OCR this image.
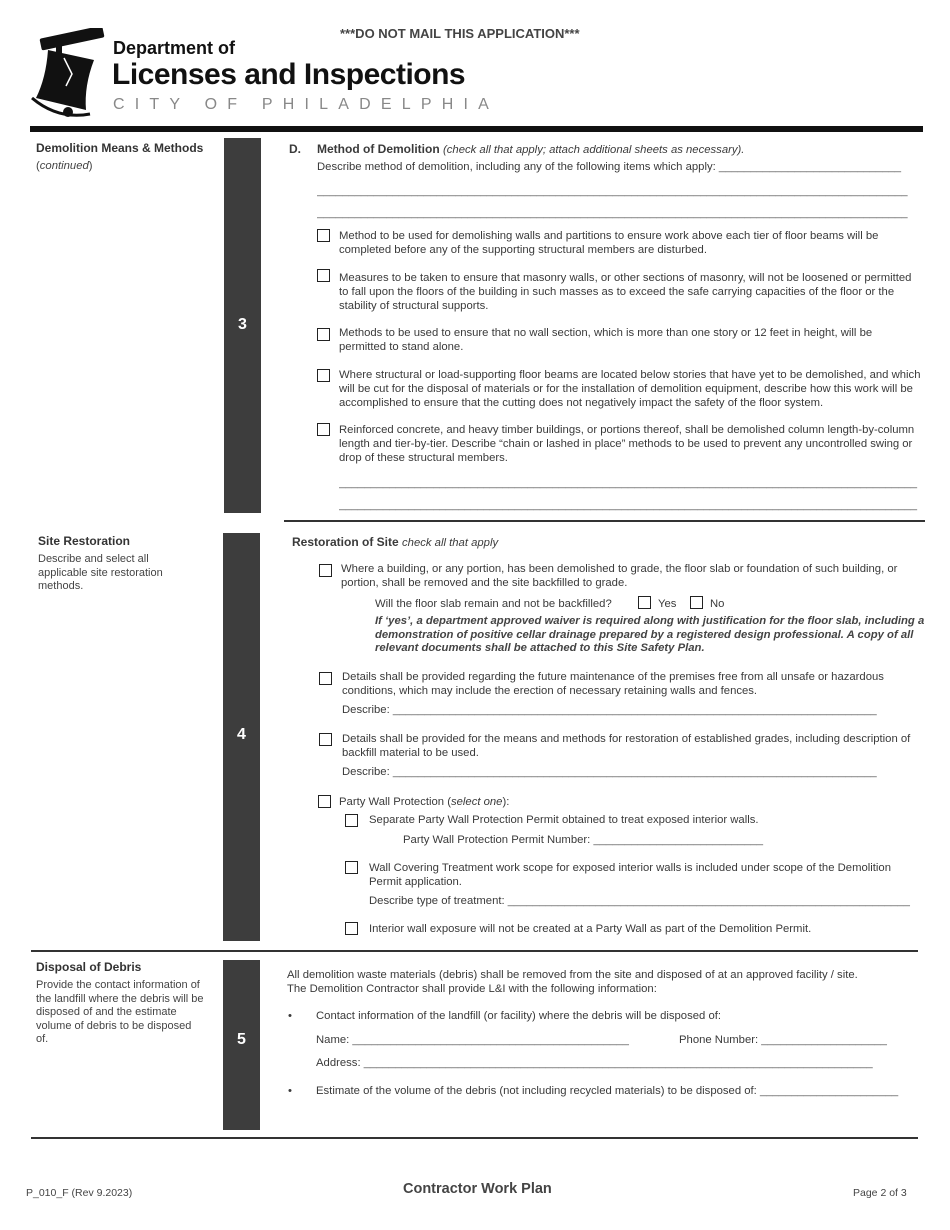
***DO NOT MAIL THIS APPLICATION***
Department of
Licenses and Inspections
CITY OF PHILADELPHIA
Demolition Means & Methods
(continued)
3
D. Method of Demolition (check all that apply; attach additional sheets as necessary).
Describe method of demolition, including any of the following items which apply: _____________________________
______________________________________________________________________________________________
______________________________________________________________________________________________
Method to be used for demolishing walls and partitions to ensure work above each tier of floor beams will be completed before any of the supporting structural members are disturbed.
Measures to be taken to ensure that masonry walls, or other sections of masonry, will not be loosened or permitted to fall upon the floors of the building in such masses as to exceed the safe carrying capacities of the floor or the stability of structural supports.
Methods to be used to ensure that no wall section, which is more than one story or 12 feet in height, will be permitted to stand alone.
Where structural or load-supporting floor beams are located below stories that have yet to be demolished, and which will be cut for the disposal of materials or for the installation of demolition equipment, describe how this work will be accomplished to ensure that the cutting does not negatively impact the safety of the floor system.
Reinforced concrete, and heavy timber buildings, or portions thereof, shall be demolished column length-by-column length and tier-by-tier. Describe “chain or lashed in place” methods to be used to prevent any uncontrolled swing or drop of these structural members.
____________________________________________________________________________________________
____________________________________________________________________________________________
Site Restoration
Describe and select all applicable site restoration methods.
4
Restoration of Site check all that apply
Where a building, or any portion, has been demolished to grade, the floor slab or foundation of such building, or portion, shall be removed and the site backfilled to grade.
Will the floor slab remain and not be backfilled?	Yes	No
If ‘yes’, a department approved waiver is required along with justification for the floor slab, including a demonstration of positive cellar drainage prepared by a registered design professional. A copy of all relevant documents shall be attached to this Site Safety Plan.
Details shall be provided regarding the future maintenance of the premises free from all unsafe or hazardous conditions, which may include the erection of necessary retaining walls and fences.
Describe: _____________________________________________________________________________
Details shall be provided for the means and methods for restoration of established grades, including description of backfill material to be used.
Describe: _____________________________________________________________________________
Party Wall Protection (select one):
Separate Party Wall Protection Permit obtained to treat exposed interior walls.
Party Wall Protection Permit Number: ___________________________
Wall Covering Treatment work scope for exposed interior walls is included under scope of the Demolition Permit application.
Describe type of treatment: ________________________________________________________________
Interior wall exposure will not be created at a Party Wall as part of the Demolition Permit.
Disposal of Debris
Provide the contact information of the landfill where the debris will be disposed of and the estimate volume of debris to be disposed of.	5
All demolition waste materials (debris) shall be removed from the site and disposed of at an approved facility / site.
The Demolition Contractor shall provide L&I with the following information:
• Contact information of the landfill (or facility) where the debris will be disposed of:
Name: ____________________________________________	Phone Number: ____________________
Address: _________________________________________________________________________________
• Estimate of the volume of the debris (not including recycled materials) to be disposed of: ______________________
P_010_F (Rev 9.2023)	Contractor Work Plan	Page 2 of 3
